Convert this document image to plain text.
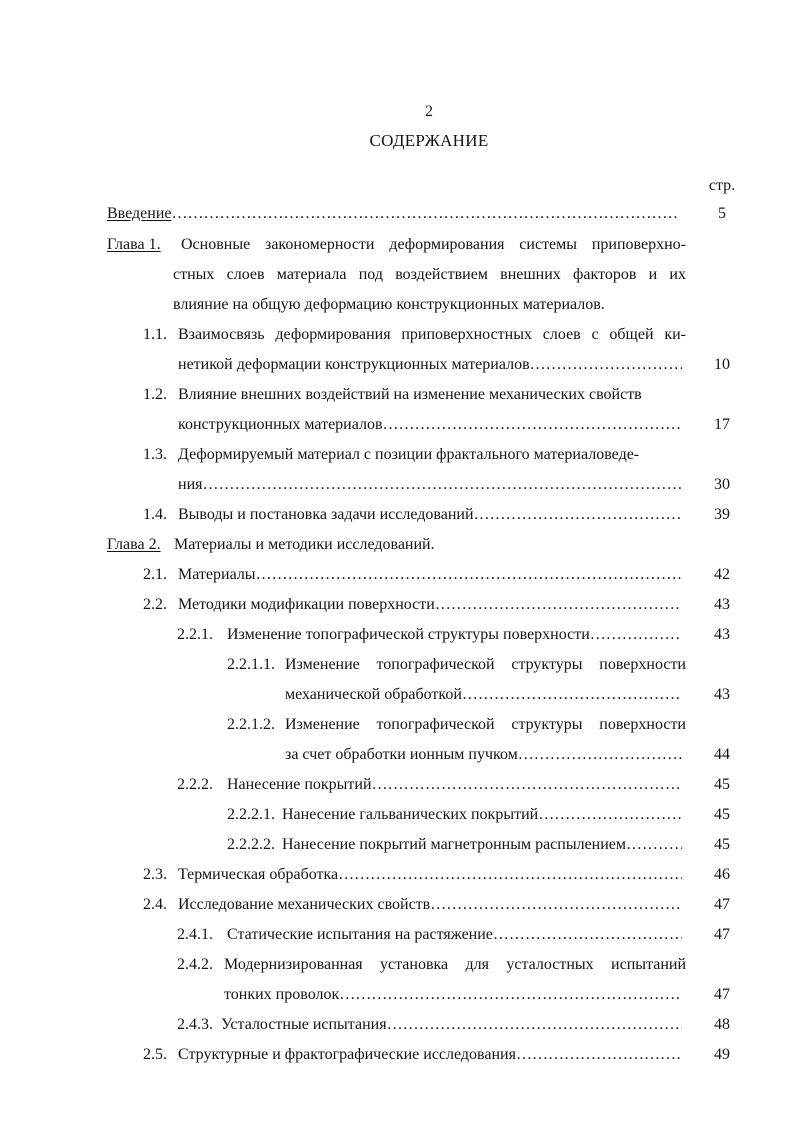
2
СОДЕРЖАНИЕ
стр.
Введение ………………………………………………………………………………………………………………………………………………………………………………	5
Глава 1.	Основные закономерности деформирования системы приповерхно-
стных слоев материала под воздействием внешних факторов и их
влияние на общую деформацию конструкционных материалов.
1.1. Взаимосвязь деформирования приповерхностных слоев с общей ки-
нетикой деформации конструкционных материалов ………………………………………………………………………………………………………………………………………………………………………………	10
1.2. Влияние внешних воздействий на изменение механических свойств
конструкционных материалов ………………………………………………………………………………………………………………………………………………………………………………	17
1.3. Деформируемый материал с позиции фрактального материаловеде-
ния ………………………………………………………………………………………………………………………………………………………………………………	30
1.4. Выводы и постановка задачи исследований ………………………………………………………………………………………………………………………………………………………………………………	39
Глава 2. Материалы и методики исследований.
2.1. Материалы ………………………………………………………………………………………………………………………………………………………………………………	42
2.2. Методики модификации поверхности ………………………………………………………………………………………………………………………………………………………………………………	43
2.2.1. Изменение топографической структуры поверхности ………………………………………………………………………………………………………………………………………………………………………………	43
2.2.1.1. Изменение топографической структуры поверхности
механической обработкой ………………………………………………………………………………………………………………………………………………………………………………	43
2.2.1.2. Изменение топографической структуры поверхности
за счет обработки ионным пучком ………………………………………………………………………………………………………………………………………………………………………………	44
2.2.2. Нанесение покрытий ………………………………………………………………………………………………………………………………………………………………………………	45
2.2.2.1. Нанесение гальванических покрытий ………………………………………………………………………………………………………………………………………………………………………………	45
2.2.2.2. Нанесение покрытий магнетронным распылением ………………………………………………………………………………………………………………………………………………………………………………	45
2.3. Термическая обработка ………………………………………………………………………………………………………………………………………………………………………………	46
2.4. Исследование механических свойств ………………………………………………………………………………………………………………………………………………………………………………	47
2.4.1. Статические испытания на растяжение ………………………………………………………………………………………………………………………………………………………………………………	47
2.4.2. Модернизированная установка для усталостных испытаний
тонких проволок ………………………………………………………………………………………………………………………………………………………………………………	47
2.4.3. Усталостные испытания ………………………………………………………………………………………………………………………………………………………………………………	48
2.5. Структурные и фрактографические исследования ………………………………………………………………………………………………………………………………………………………………………………	49
